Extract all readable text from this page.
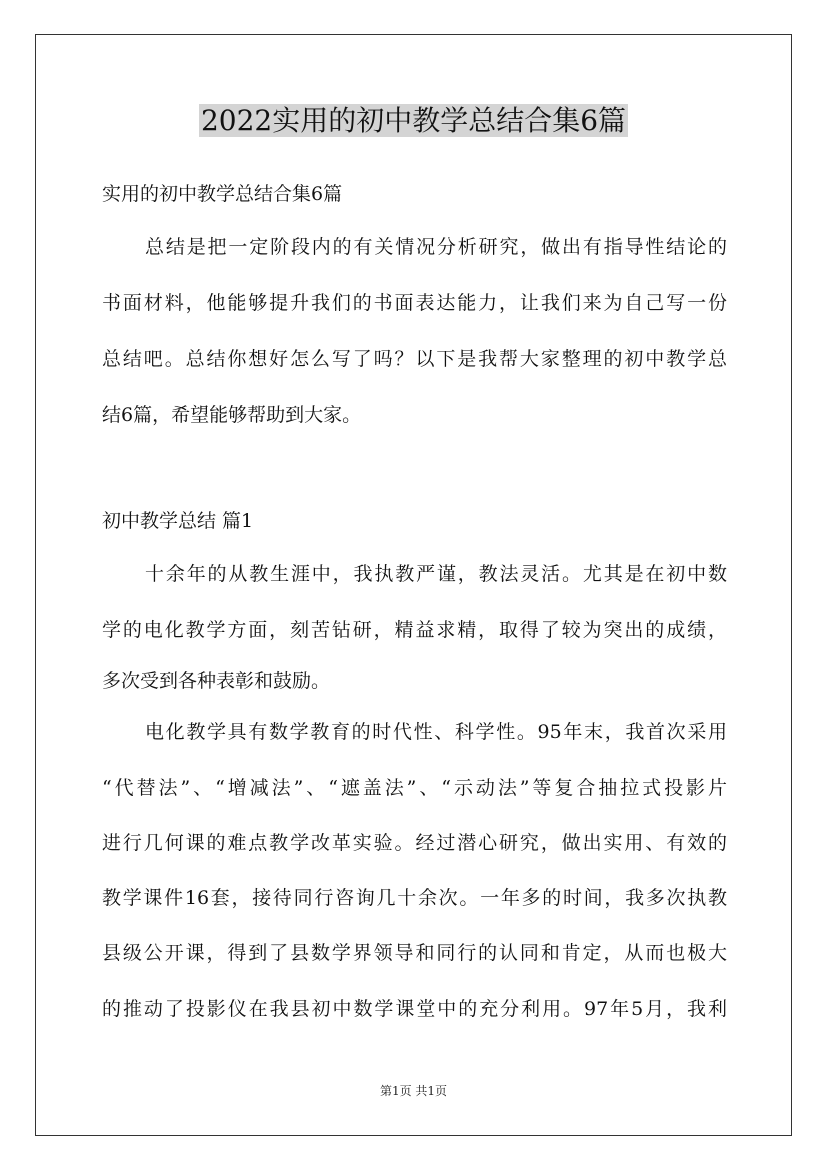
2022实用的初中教学总结合集6篇
实用的初中教学总结合集6篇
总结是把一定阶段内的有关情况分析研究，做出有指导性结论的
书面材料，他能够提升我们的书面表达能力，让我们来为自己写一份
总结吧。总结你想好怎么写了吗？以下是我帮大家整理的初中教学总
结6篇，希望能够帮助到大家。
初中教学总结 篇1
十余年的从教生涯中，我执教严谨，教法灵活。尤其是在初中数
学的电化教学方面，刻苦钻研，精益求精，取得了较为突出的成绩，
多次受到各种表彰和鼓励。
电化教学具有数学教育的时代性、科学性。95年末，我首次采用
“代替法”、“增减法”、“遮盖法”、“示动法”等复合抽拉式投影片
进行几何课的难点教学改革实验。经过潜心研究，做出实用、有效的
教学课件16套，接待同行咨询几十余次。一年多的时间，我多次执教
县级公开课，得到了县数学界领导和同行的认同和肯定，从而也极大
的推动了投影仪在我县初中数学课堂中的充分利用。97年5月，我利
第1页 共1页
